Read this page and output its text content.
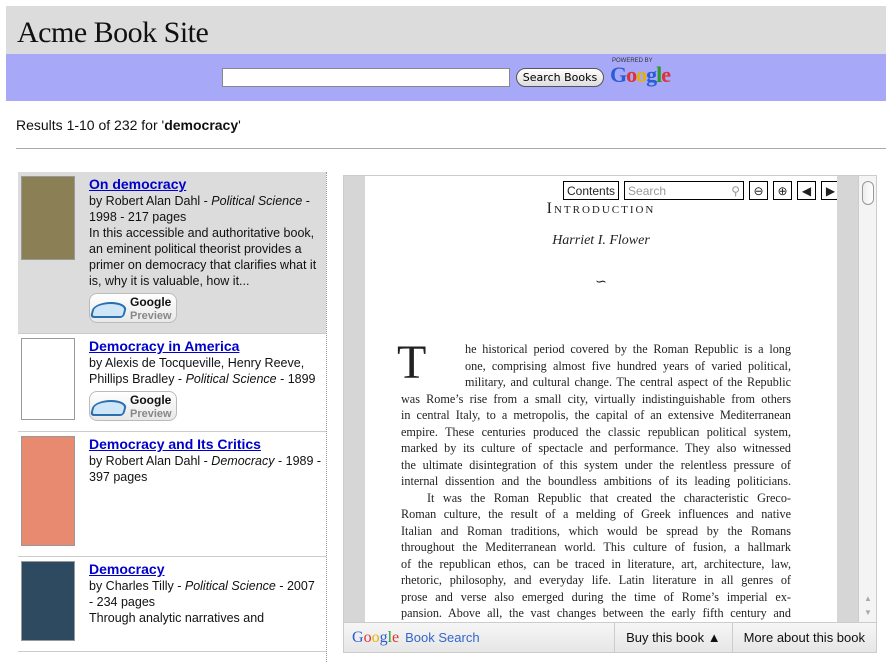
Acme Book Site
Search Books
POWERED BY
Google
Results 1-10 of 232 for 'democracy'
On democracy
by Robert Alan Dahl - Political Science - 1998 - 217 pages
In this accessible and authoritative book, an eminent political theorist provides a primer on democracy that clarifies what it is, why it is valuable, how it...
Google
Preview
Democracy in America
by Alexis de Tocqueville, Henry Reeve, Phillips Bradley - Political Science - 1899
Google
Preview
Democracy and Its Critics
by Robert Alan Dahl - Democracy - 1989 - 397 pages
Democracy
by Charles Tilly - Political Science - 2007 - 234 pages
Through analytic narratives and
Contents	Search	⚲	⊖	⊕	◀	▶
Introduction
Harriet I. Flower
∽
T	he historical period covered by the Roman Republic is a long
one, comprising almost five hundred years of varied political,
military, and cultural change. The central aspect of the Republic
was Rome’s rise from a small city, virtually indistinguishable from others
in central Italy, to a metropolis, the capital of an extensive Mediterranean
empire. These centuries produced the classic republican political system,
marked by its culture of spectacle and performance. They also witnessed
the ultimate disintegration of this system under the relentless pressure of
internal dissention and the boundless ambitions of its leading politicians.
It was the Roman Republic that created the characteristic Greco-
Roman culture, the result of a melding of Greek influences and native
Italian and Roman traditions, which would be spread by the Romans
throughout the Mediterranean world. This culture of fusion, a hallmark
of the republican ethos, can be traced in literature, art, architecture, law,
rhetoric, philosophy, and everyday life. Latin literature in all genres of
prose and verse also emerged during the time of Rome’s imperial ex-
pansion. Above all, the vast changes between the early fifth century and
▲
▼
Google Book Search	Buy this book ▲	More about this book
